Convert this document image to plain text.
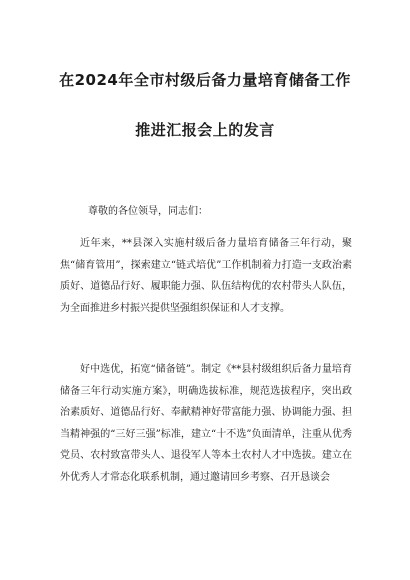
在2024年全市村级后备力量培育储备工作
推进汇报会上的发言
尊敬的各位领导，同志们：
近年来，**县深入实施村级后备力量培育储备三年行动，聚焦“储育管用”，探索建立“链式培优”工作机制着力打造一支政治素质好、道德品行好、履职能力强、队伍结构优的农村带头人队伍，为全面推进乡村振兴提供坚强组织保证和人才支撑。
好中选优，拓宽“储备链”。制定《**县村级组织后备力量培育储备三年行动实施方案》，明确选拔标准，规范选拔程序，突出政治素质好、道德品行好、奉献精神好带富能力强、协调能力强、担当精神强的“三好三强”标准，建立“十不选”负面清单，注重从优秀党员、农村致富带头人、退役军人等本土农村人才中选拔。建立在外优秀人才常态化联系机制，通过邀请回乡考察、召开恳谈会
